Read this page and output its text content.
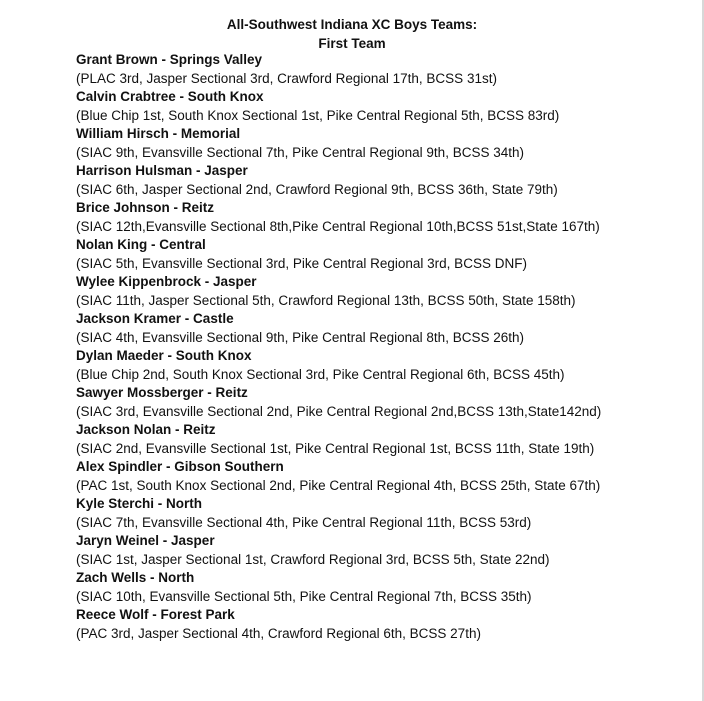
All-Southwest Indiana XC Boys Teams:
First Team
Grant Brown - Springs Valley
(PLAC 3rd, Jasper Sectional 3rd, Crawford Regional 17th, BCSS 31st)
Calvin Crabtree - South Knox
(Blue Chip 1st, South Knox Sectional 1st, Pike Central Regional 5th, BCSS 83rd)
William Hirsch - Memorial
(SIAC 9th, Evansville Sectional 7th, Pike Central Regional 9th, BCSS 34th)
Harrison Hulsman - Jasper
(SIAC 6th, Jasper Sectional 2nd, Crawford Regional 9th, BCSS 36th, State 79th)
Brice Johnson - Reitz
(SIAC 12th,Evansville Sectional 8th,Pike Central Regional 10th,BCSS 51st,State 167th)
Nolan King - Central
(SIAC 5th, Evansville Sectional 3rd, Pike Central Regional 3rd, BCSS DNF)
Wylee Kippenbrock - Jasper
(SIAC 11th, Jasper Sectional 5th, Crawford Regional 13th, BCSS 50th, State 158th)
Jackson Kramer - Castle
(SIAC 4th, Evansville Sectional 9th, Pike Central Regional 8th, BCSS 26th)
Dylan Maeder - South Knox
(Blue Chip 2nd, South Knox Sectional 3rd, Pike Central Regional 6th, BCSS 45th)
Sawyer Mossberger - Reitz
(SIAC 3rd, Evansville Sectional 2nd, Pike Central Regional 2nd,BCSS 13th,State142nd)
Jackson Nolan - Reitz
(SIAC 2nd, Evansville Sectional 1st, Pike Central Regional 1st, BCSS 11th, State 19th)
Alex Spindler - Gibson Southern
(PAC 1st, South Knox Sectional 2nd, Pike Central Regional 4th, BCSS 25th, State 67th)
Kyle Sterchi - North
(SIAC 7th, Evansville Sectional 4th, Pike Central Regional 11th, BCSS 53rd)
Jaryn Weinel - Jasper
(SIAC 1st, Jasper Sectional 1st, Crawford Regional 3rd, BCSS 5th, State 22nd)
Zach Wells - North
(SIAC 10th, Evansville Sectional 5th, Pike Central Regional 7th, BCSS 35th)
Reece Wolf - Forest Park
(PAC 3rd, Jasper Sectional 4th, Crawford Regional 6th, BCSS 27th)
